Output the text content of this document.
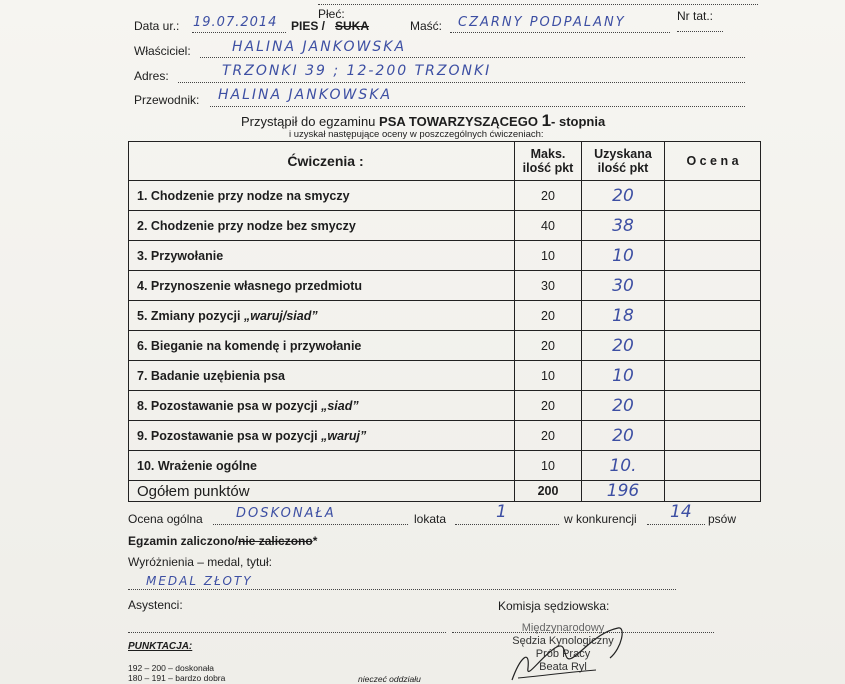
Płeć:	Nr tat.:
Data ur.: 19.07.2014 PIES / SUKA	Maść: CZARNY PODPALANY
Właściciel:	HALINA JANKOWSKA
Adres:	TRZONKI 39 ; 12-200 TRZONKI
Przewodnik: HALINA JANKOWSKA
Przystąpił do egzaminu PSA TOWARZYSZĄCEGO 1- stopnia
i uzyskał następujące oceny w poszczególnych ćwiczeniach:
Ćwiczenia :	Maks. ilość pkt	Uzyskana ilość pkt	O c e n a
1. Chodzenie przy nodze na smyczy	20	20	
2. Chodzenie przy nodze bez smyczy	40	38	
3. Przywołanie	10	10	
4. Przynoszenie własnego przedmiotu	30	30	
5. Zmiany pozycji „waruj/siad”	20	18	
6. Bieganie na komendę i przywołanie	20	20	
7. Badanie uzębienia psa	10	10	
8. Pozostawanie psa w pozycji „siad”	20	20	
9. Pozostawanie psa w pozycji „waruj”	20	20	
10. Wrażenie ogólne	10	10.	
Ogółem punktów	200	196	
Ocena ogólna	DOSKONAŁA	lokata	1	w konkurencji 14 psów
Egzamin zaliczono/nie zaliczono*
Wyróżnienia – medal, tytuł:
MEDAL ZŁOTY
Asystenci:	Komisja sędziowska:
Międzynarodowy
Sędzia Kynologiczny
Prób Pracy
Beata Ryl
PUNKTACJA:
192 – 200 – doskonała
180 – 191 – bardzo dobra	nieczeć oddziału
